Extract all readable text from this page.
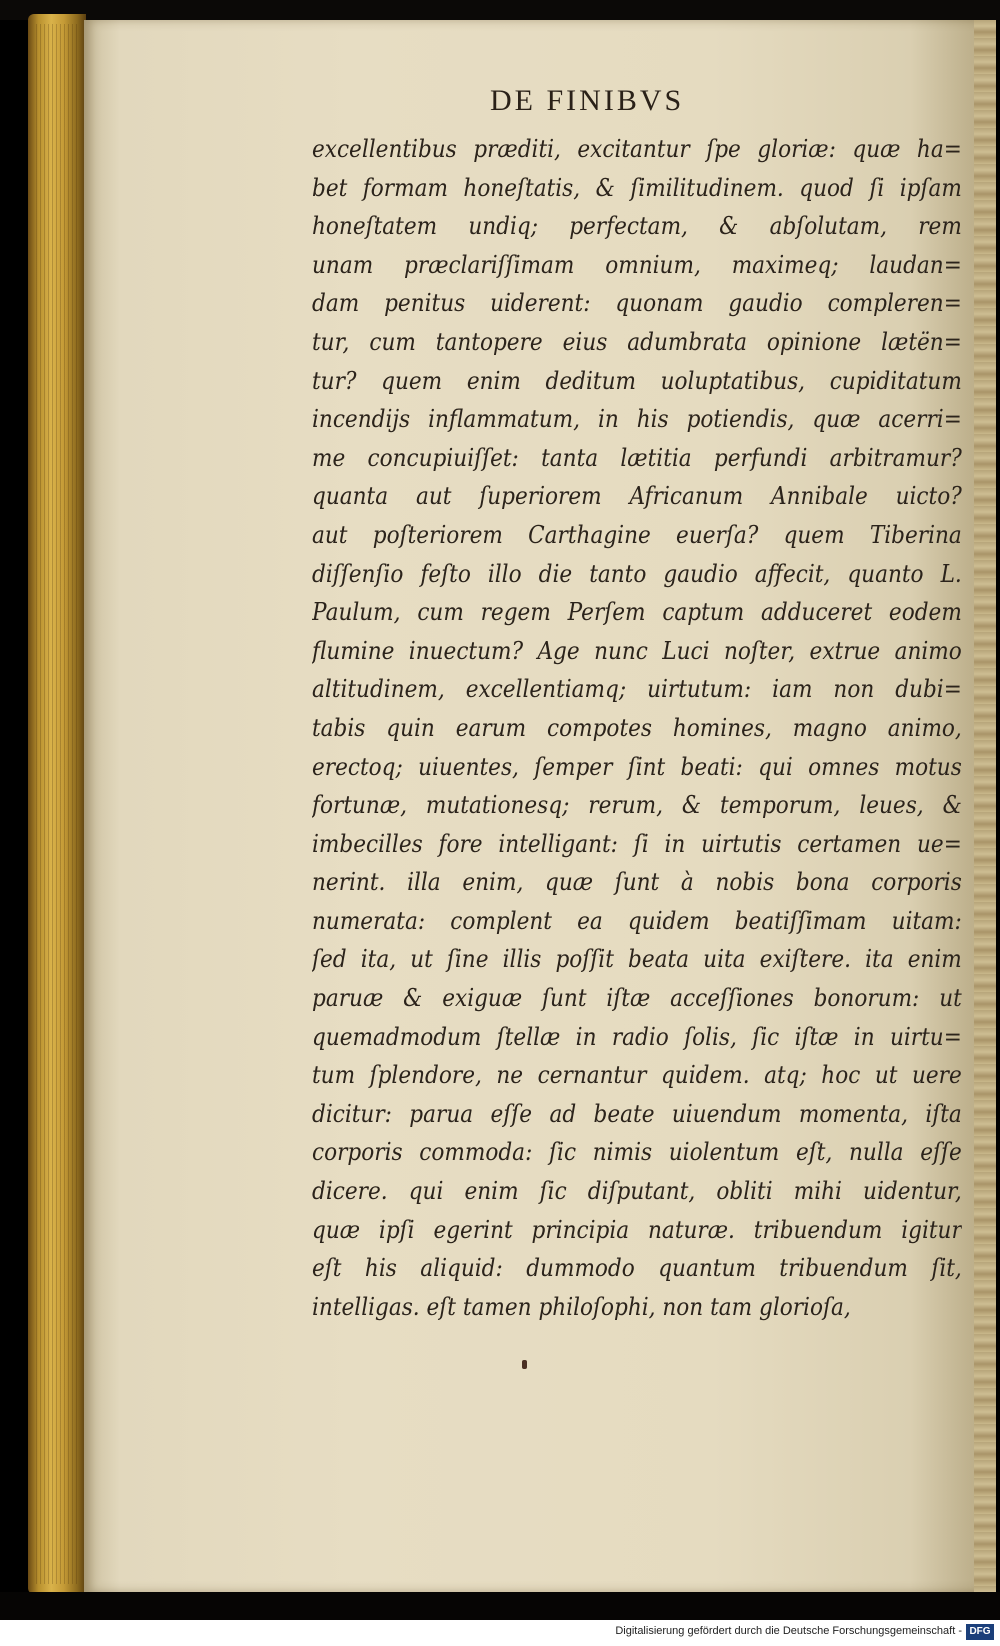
DE FINIBVS
excellentibus præditi, excitantur ſpe gloriæ: quæ ha=
bet formam honeſtatis, & ſimilitudinem. quod ſi ipſam
honeſtatem undiq; perfectam, & abſolutam, rem
unam præclariſſimam omnium, maximeq; laudan=
dam penitus uiderent: quonam gaudio compleren=
tur, cum tantopere eius adumbrata opinione lætën=
tur? quem enim deditum uoluptatibus, cupiditatum
incendijs inflammatum, in his potiendis, quæ acerri=
me concupiuiſſet: tanta lætitia perfundi arbitramur?
quanta aut ſuperiorem Africanum Annibale uicto?
aut poſteriorem Carthagine euerſa? quem Tiberina
diſſenſio feſto illo die tanto gaudio affecit, quanto L.
Paulum, cum regem Perſem captum adduceret eodem
flumine inuectum? Age nunc Luci noſter, extrue animo
altitudinem, excellentiamq; uirtutum: iam non dubi=
tabis quin earum compotes homines, magno animo,
erectoq; uiuentes, ſemper ſint beati: qui omnes motus
fortunæ, mutationesq; rerum, & temporum, leues, &
imbecilles fore intelligant: ſi in uirtutis certamen ue=
nerint. illa enim, quæ ſunt à nobis bona corporis
numerata: complent ea quidem beatiſſimam uitam:
ſed ita, ut ſine illis poſſit beata uita exiſtere. ita enim
paruæ & exiguæ ſunt iſtæ acceſſiones bonorum: ut
quemadmodum ſtellæ in radio ſolis, ſic iſtæ in uirtu=
tum ſplendore, ne cernantur quidem. atq; hoc ut uere
dicitur: parua eſſe ad beate uiuendum momenta, iſta
corporis commoda: ſic nimis uiolentum eſt, nulla eſſe
dicere. qui enim ſic diſputant, obliti mihi uidentur,
quæ ipſi egerint principia naturæ. tribuendum igitur
eſt his aliquid: dummodo quantum tribuendum ſit,
intelligas. eſt tamen philoſophi, non tam glorioſa,
Digitalisierung gefördert durch die Deutsche Forschungsgemeinschaft - DFG
